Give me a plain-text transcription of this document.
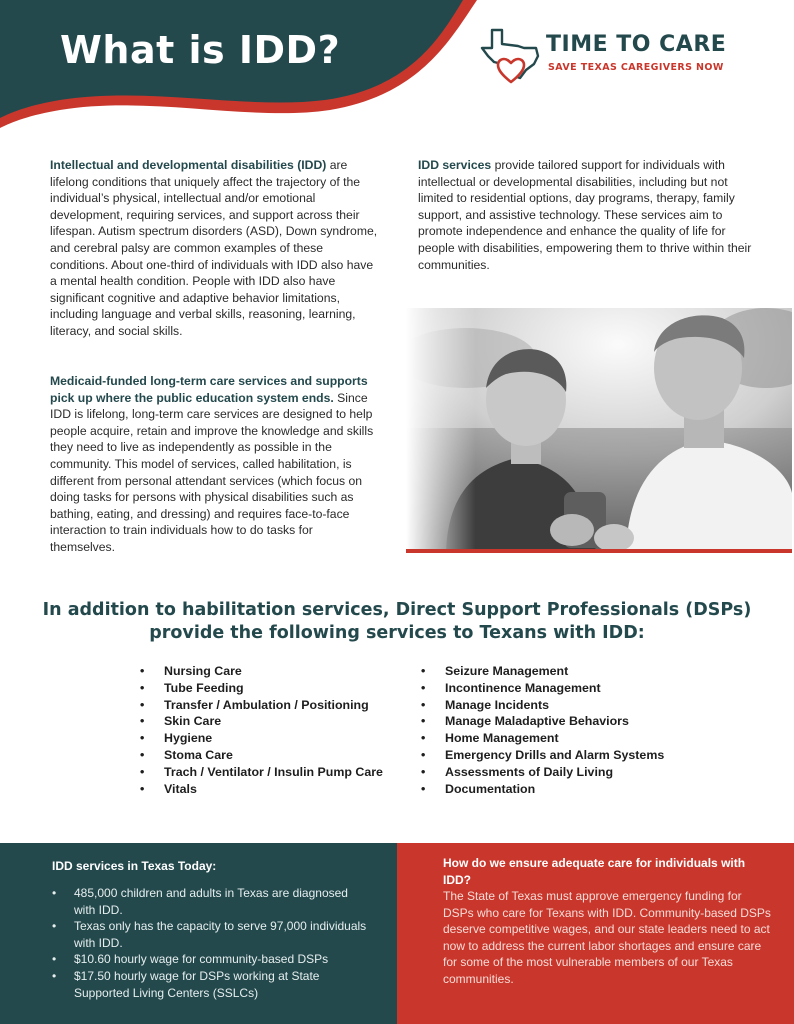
What is IDD?	TIME TO CARE
SAVE TEXAS CAREGIVERS NOW

Intellectual and developmental disabilities (IDD) are lifelong conditions that uniquely affect the trajectory of the individual’s physical, intellectual and/or emotional development, requiring services, and support across their lifespan. Autism spectrum disorders (ASD), Down syndrome, and cerebral palsy are common examples of these conditions. About one-third of individuals with IDD also have a mental health condition. People with IDD also have significant cognitive and adaptive behavior limitations, including language and verbal skills, reasoning, learning, literacy, and social skills.

IDD services provide tailored support for individuals with intellectual or developmental disabilities, including but not limited to residential options, day programs, therapy, family support, and assistive technology. These services aim to promote independence and enhance the quality of life for people with disabilities, empowering them to thrive within their communities.

Medicaid-funded long-term care services and supports pick up where the public education system ends. Since IDD is lifelong, long-term care services are designed to help people acquire, retain and improve the knowledge and skills they need to live as independently as possible in the community. This model of services, called habilitation, is different from personal attendant services (which focus on doing tasks for persons with physical disabilities such as bathing, eating, and dressing) and requires face-to-face interaction to train individuals how to do tasks for themselves.

In addition to habilitation services, Direct Support Professionals (DSPs) provide the following services to Texans with IDD:
• Nursing Care
• Tube Feeding
• Transfer / Ambulation / Positioning
• Skin Care
• Hygiene
• Stoma Care
• Trach / Ventilator / Insulin Pump Care
• Vitals
• Seizure Management
• Incontinence Management
• Manage Incidents
• Manage Maladaptive Behaviors
• Home Management
• Emergency Drills and Alarm Systems
• Assessments of Daily Living
• Documentation
IDD services in Texas Today:
• 485,000 children and adults in Texas are diagnosed with IDD.
• Texas only has the capacity to serve 97,000 individuals with IDD.
• $10.60 hourly wage for community-based DSPs
• $17.50 hourly wage for DSPs working at State Supported Living Centers (SSLCs)
How do we ensure adequate care for individuals with IDD?

The State of Texas must approve emergency funding for DSPs who care for Texans with IDD. Community-based DSPs deserve competitive wages, and our state leaders need to act now to address the current labor shortages and ensure care for some of the most vulnerable members of our Texas communities.
